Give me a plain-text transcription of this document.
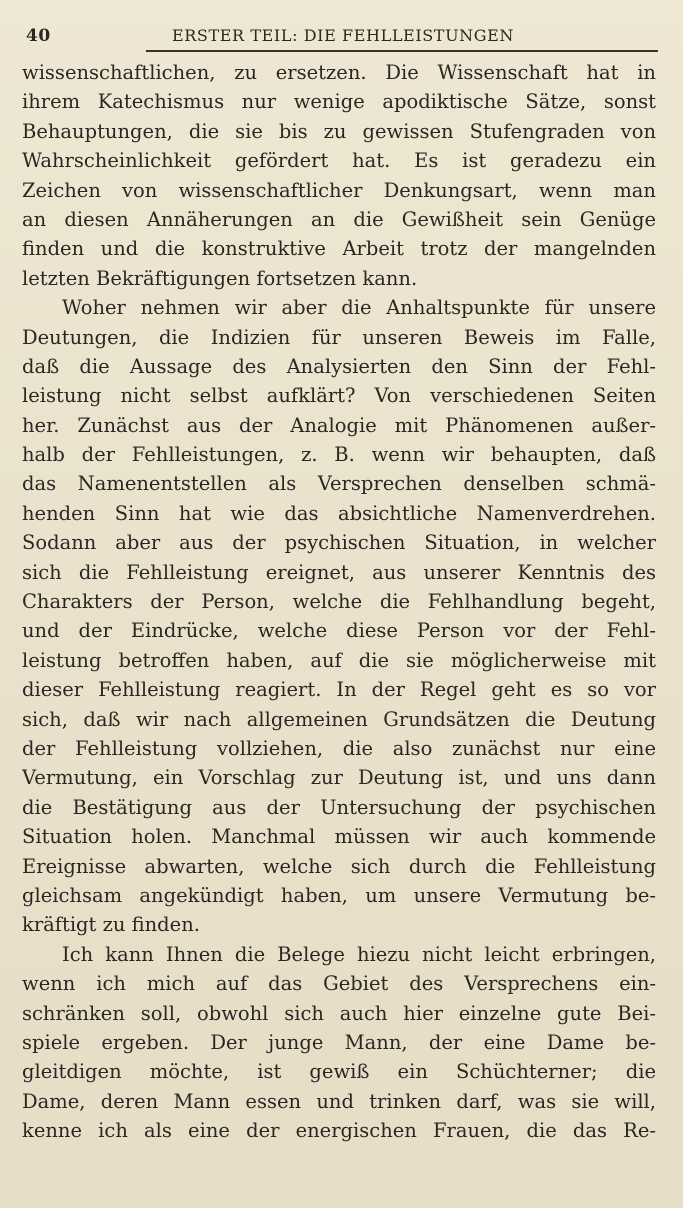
40	ERSTER TEIL: DIE FEHLLEISTUNGEN
wissenschaftlichen, zu ersetzen. Die Wissenschaft hat in
ihrem Katechismus nur wenige apodiktische Sätze, sonst
Behauptungen, die sie bis zu gewissen Stufengraden von
Wahrscheinlichkeit gefördert hat. Es ist geradezu ein
Zeichen von wissenschaftlicher Denkungsart, wenn man
an diesen Annäherungen an die Gewißheit sein Genüge
finden und die konstruktive Arbeit trotz der mangelnden
letzten Bekräftigungen fortsetzen kann.
Woher nehmen wir aber die Anhaltspunkte für unsere
Deutungen, die Indizien für unseren Beweis im Falle,
daß die Aussage des Analysierten den Sinn der Fehl-
leistung nicht selbst aufklärt? Von verschiedenen Seiten
her. Zunächst aus der Analogie mit Phänomenen außer-
halb der Fehlleistungen, z. B. wenn wir behaupten, daß
das Namenentstellen als Versprechen denselben schmä-
henden Sinn hat wie das absichtliche Namenverdrehen.
Sodann aber aus der psychischen Situation, in welcher
sich die Fehlleistung ereignet, aus unserer Kenntnis des
Charakters der Person, welche die Fehlhandlung begeht,
und der Eindrücke, welche diese Person vor der Fehl-
leistung betroffen haben, auf die sie möglicherweise mit
dieser Fehlleistung reagiert. In der Regel geht es so vor
sich, daß wir nach allgemeinen Grundsätzen die Deutung
der Fehlleistung vollziehen, die also zunächst nur eine
Vermutung, ein Vorschlag zur Deutung ist, und uns dann
die Bestätigung aus der Untersuchung der psychischen
Situation holen. Manchmal müssen wir auch kommende
Ereignisse abwarten, welche sich durch die Fehlleistung
gleichsam angekündigt haben, um unsere Vermutung be-
kräftigt zu finden.
Ich kann Ihnen die Belege hiezu nicht leicht erbringen,
wenn ich mich auf das Gebiet des Versprechens ein-
schränken soll, obwohl sich auch hier einzelne gute Bei-
spiele ergeben. Der junge Mann, der eine Dame be-
gleitdigen möchte, ist gewiß ein Schüchterner; die
Dame, deren Mann essen und trinken darf, was sie will,
kenne ich als eine der energischen Frauen, die das Re-
